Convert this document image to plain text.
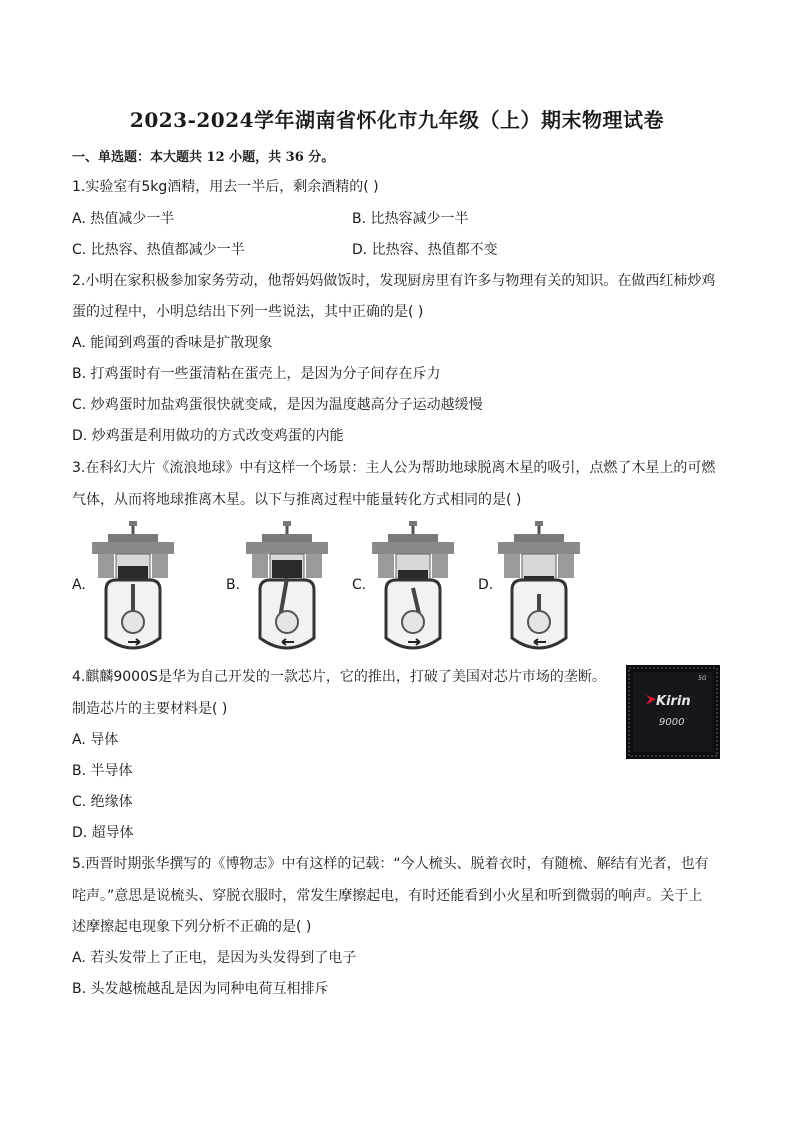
2023-2024学年湖南省怀化市九年级（上）期末物理试卷
一、单选题：本大题共 12 小题，共 36 分。
1.实验室有5kg酒精，用去一半后，剩余酒精的( )
A. 热值减少一半	B. 比热容减少一半
C. 比热容、热值都减少一半	D. 比热容、热值都不变
2.小明在家积极参加家务劳动，他帮妈妈做饭时，发现厨房里有许多与物理有关的知识。在做西红柿炒鸡
蛋的过程中，小明总结出下列一些说法，其中正确的是( )
A. 能闻到鸡蛋的香味是扩散现象
B. 打鸡蛋时有一些蛋清粘在蛋壳上，是因为分子间存在斥力
C. 炒鸡蛋时加盐鸡蛋很快就变咸，是因为温度越高分子运动越缓慢
D. 炒鸡蛋是利用做功的方式改变鸡蛋的内能
3.在科幻大片《流浪地球》中有这样一个场景：主人公为帮助地球脱离木星的吸引，点燃了木星上的可燃
气体，从而将地球推离木星。以下与推离过程中能量转化方式相同的是( )
A.	B.	C.	D.
4.麒麟9000S是华为自己开发的一款芯片，它的推出，打破了美国对芯片市场的垄断。
制造芯片的主要材料是( )
A. 导体
B. 半导体
C. 绝缘体
D. 超导体
5G
Kirin
9000
5.西晋时期张华撰写的《博物志》中有这样的记载：“今人梳头、脱着衣时，有随梳、解结有光者，也有
咤声。”意思是说梳头、穿脱衣服时，常发生摩擦起电，有时还能看到小火星和听到微弱的响声。关于上
述摩擦起电现象下列分析不正确的是( )
A. 若头发带上了正电，是因为头发得到了电子
B. 头发越梳越乱是因为同种电荷互相排斥
